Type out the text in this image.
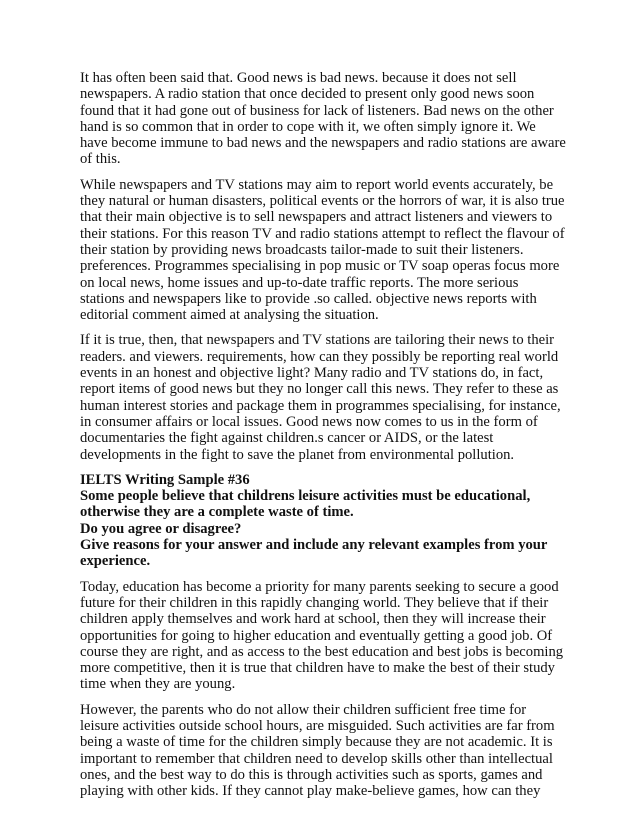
It has often been said that. Good news is bad news. because it does not sell newspapers. A radio station that once decided to present only good news soon found that it had gone out of business for lack of listeners. Bad news on the other hand is so common that in order to cope with it, we often simply ignore it. We have become immune to bad news and the newspapers and radio stations are aware of this.

While newspapers and TV stations may aim to report world events accurately, be they natural or human disasters, political events or the horrors of war, it is also true that their main objective is to sell newspapers and attract listeners and viewers to their stations. For this reason TV and radio stations attempt to reflect the flavour of their station by providing news broadcasts tailor-made to suit their listeners. preferences. Programmes specialising in pop music or TV soap operas focus more on local news, home issues and up-to-date traffic reports. The more serious stations and newspapers like to provide .so called. objective news reports with editorial comment aimed at analysing the situation.

If it is true, then, that newspapers and TV stations are tailoring their news to their readers. and viewers. requirements, how can they possibly be reporting real world events in an honest and objective light? Many radio and TV stations do, in fact, report items of good news but they no longer call this news. They refer to these as human interest stories and package them in programmes specialising, for instance, in consumer affairs or local issues. Good news now comes to us in the form of documentaries the fight against children.s cancer or AIDS, or the latest developments in the fight to save the planet from environmental pollution.

IELTS Writing Sample #36
Some people believe that childrens leisure activities must be educational, otherwise they are a complete waste of time.
Do you agree or disagree?
Give reasons for your answer and include any relevant examples from your experience.

Today, education has become a priority for many parents seeking to secure a good future for their children in this rapidly changing world. They believe that if their children apply themselves and work hard at school, then they will increase their opportunities for going to higher education and eventually getting a good job. Of course they are right, and as access to the best education and best jobs is becoming more competitive, then it is true that children have to make the best of their study time when they are young.

However, the parents who do not allow their children sufficient free time for leisure activities outside school hours, are misguided. Such activities are far from being a waste of time for the children simply because they are not academic. It is important to remember that children need to develop skills other than intellectual ones, and the best way to do this is through activities such as sports, games and playing with other kids. If they cannot play make-believe games, how can they
